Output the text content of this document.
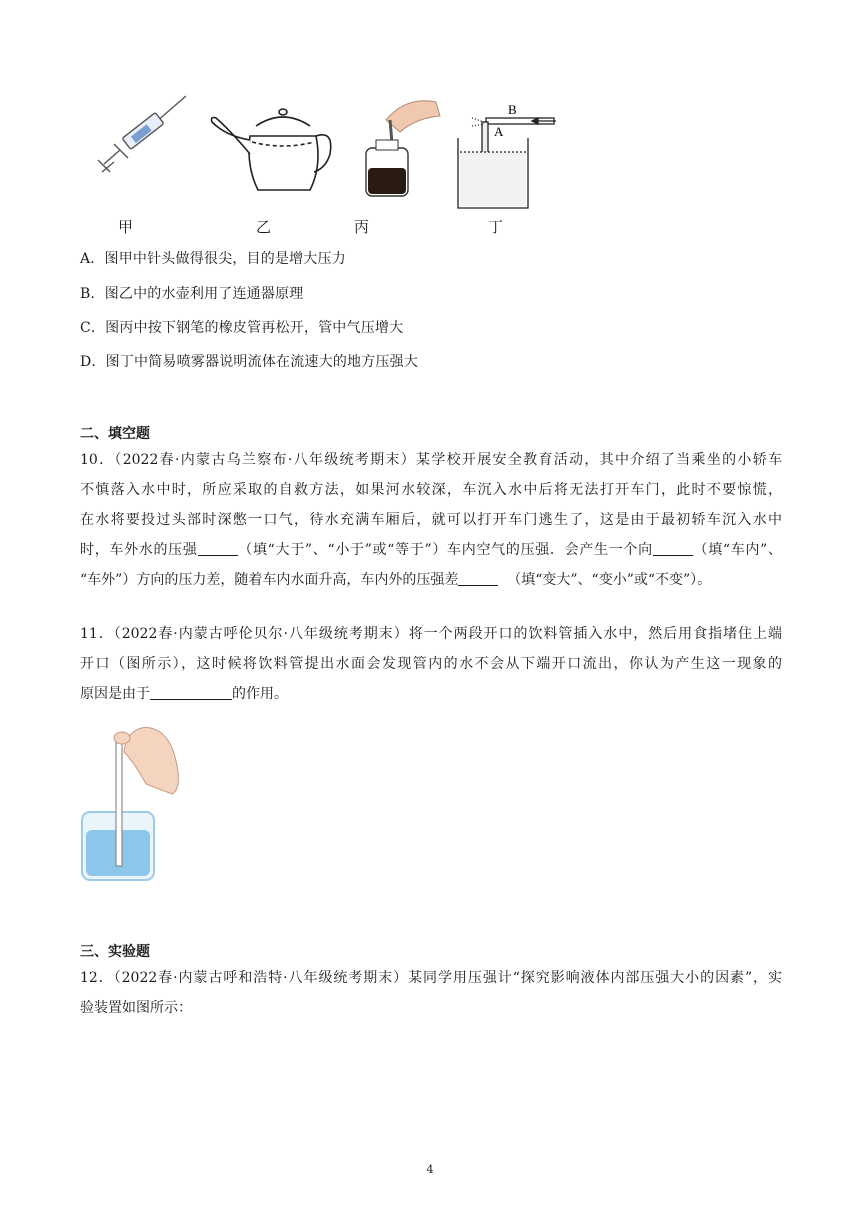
B
A
甲	乙	丙	丁
A．图甲中针头做得很尖，目的是增大压力
B．图乙中的水壶利用了连通器原理
C．图丙中按下钢笔的橡皮管再松开，管中气压增大
D．图丁中简易喷雾器说明流体在流速大的地方压强大
二、填空题
10．（2022春·内蒙古乌兰察布·八年级统考期末）某学校开展安全教育活动，其中介绍了当乘坐的小轿车
不慎落入水中时，所应采取的自救方法，如果河水较深，车沉入水中后将无法打开车门，此时不要惊慌，
在水将要投过头部时深憋一口气，待水充满车厢后，就可以打开车门逃生了，这是由于最初轿车沉入水中
时，车外水的压强	（填“大于”、“小于”或“等于”）车内空气的压强．会产生一个向	（填“车内”、
“车外”）方向的压力差，随着车内水面升高，车内外的压强差	（填“变大”、“变小”或“不变”）。
11．（2022春·内蒙古呼伦贝尔·八年级统考期末）将一个两段开口的饮料管插入水中，然后用食指堵住上端
开口（图所示），这时候将饮料管提出水面会发现管内的水不会从下端开口流出，你认为产生这一现象的
原因是由于	的作用。
三、实验题
12．（2022春·内蒙古呼和浩特·八年级统考期末）某同学用压强计“探究影响液体内部压强大小的因素”，实
验装置如图所示：
4
